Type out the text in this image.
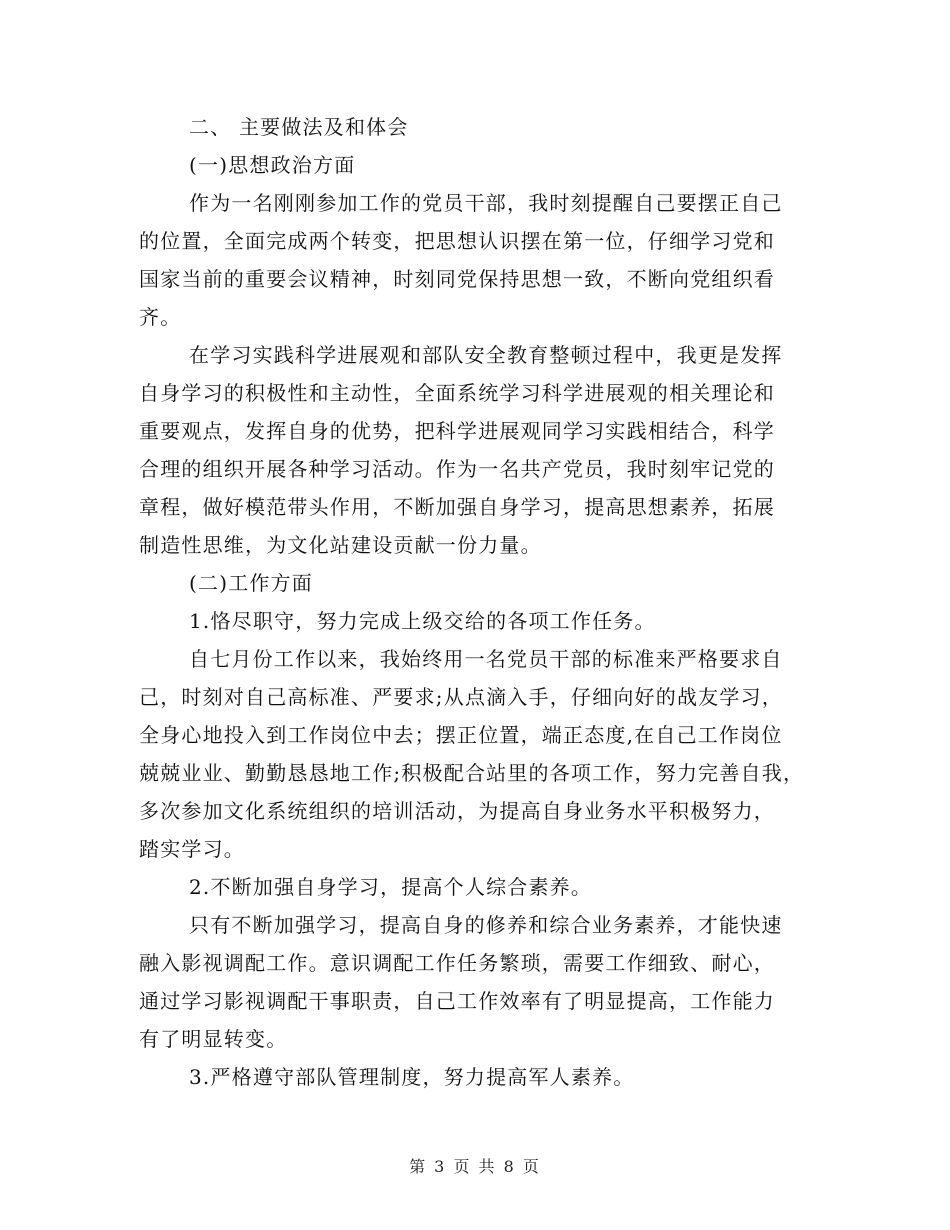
二、 主要做法及和体会
(一)思想政治方面
作为一名刚刚参加工作的党员干部，我时刻提醒自己要摆正自己
的位置，全面完成两个转变，把思想认识摆在第一位，仔细学习党和
国家当前的重要会议精神，时刻同党保持思想一致，不断向党组织看
齐。
在学习实践科学进展观和部队安全教育整顿过程中，我更是发挥
自身学习的积极性和主动性，全面系统学习科学进展观的相关理论和
重要观点，发挥自身的优势，把科学进展观同学习实践相结合，科学
合理的组织开展各种学习活动。作为一名共产党员，我时刻牢记党的
章程，做好模范带头作用，不断加强自身学习，提高思想素养，拓展
制造性思维，为文化站建设贡献一份力量。
(二)工作方面
1.恪尽职守，努力完成上级交给的各项工作任务。
自七月份工作以来，我始终用一名党员干部的标准来严格要求自
己，时刻对自己高标准、严要求;从点滴入手，仔细向好的战友学习，
全身心地投入到工作岗位中去；摆正位置，端正态度,在自己工作岗位
兢兢业业、勤勤恳恳地工作;积极配合站里的各项工作，努力完善自我，
多次参加文化系统组织的培训活动，为提高自身业务水平积极努力，
踏实学习。
2.不断加强自身学习，提高个人综合素养。
只有不断加强学习，提高自身的修养和综合业务素养，才能快速
融入影视调配工作。意识调配工作任务繁琐，需要工作细致、耐心，
通过学习影视调配干事职责，自己工作效率有了明显提高，工作能力
有了明显转变。
3.严格遵守部队管理制度，努力提高军人素养。
第 3 页 共 8 页
